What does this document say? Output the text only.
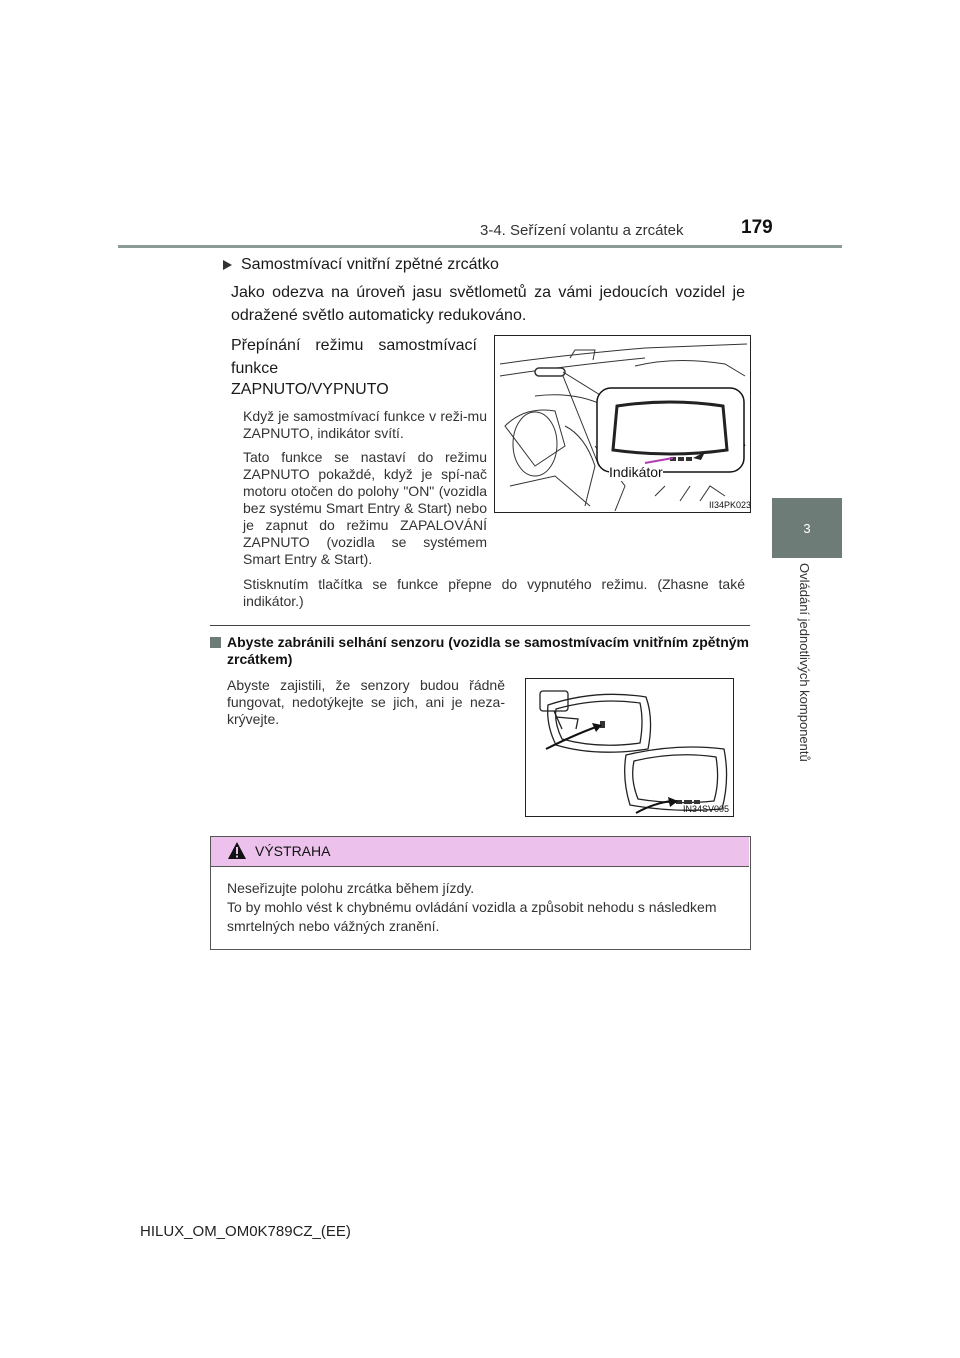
3-4. Seřízení volantu a zrcátek	179
3
Ovládání jednotlivých komponentů
Samostmívací vnitřní zpětné zrcátko
Jako odezva na úroveň jasu světlometů za vámi jedoucích vozidel je odražené světlo automaticky redukováno.
Přepínání režimu samostmívací funkce
ZAPNUTO/VYPNUTO
Když je samostmívací funkce v reži-mu ZAPNUTO, indikátor svítí.
Tato funkce se nastaví do režimu ZAPNUTO pokaždé, když je spí-nač motoru otočen do polohy "ON" (vozidla bez systému Smart Entry & Start) nebo je zapnut do režimu ZAPALOVÁNÍ ZAPNUTO (vozidla se systémem Smart Entry & Start).
Stisknutím tlačítka se funkce přepne do vypnutého režimu. (Zhasne také indikátor.)
Indikátor
II34PK023
Abyste zabránili selhání senzoru (vozidla se samostmívacím vnitřním zpětným zrcátkem)
Abyste zajistili, že senzory budou řádně fungovat, nedotýkejte se jich, ani je neza-krývejte.
IN34SV005
VÝSTRAHA
Neseřizujte polohu zrcátka během jízdy.
To by mohlo vést k chybnému ovládání vozidla a způsobit nehodu s následkem smrtelných nebo vážných zranění.
HILUX_OM_OM0K789CZ_(EE)
